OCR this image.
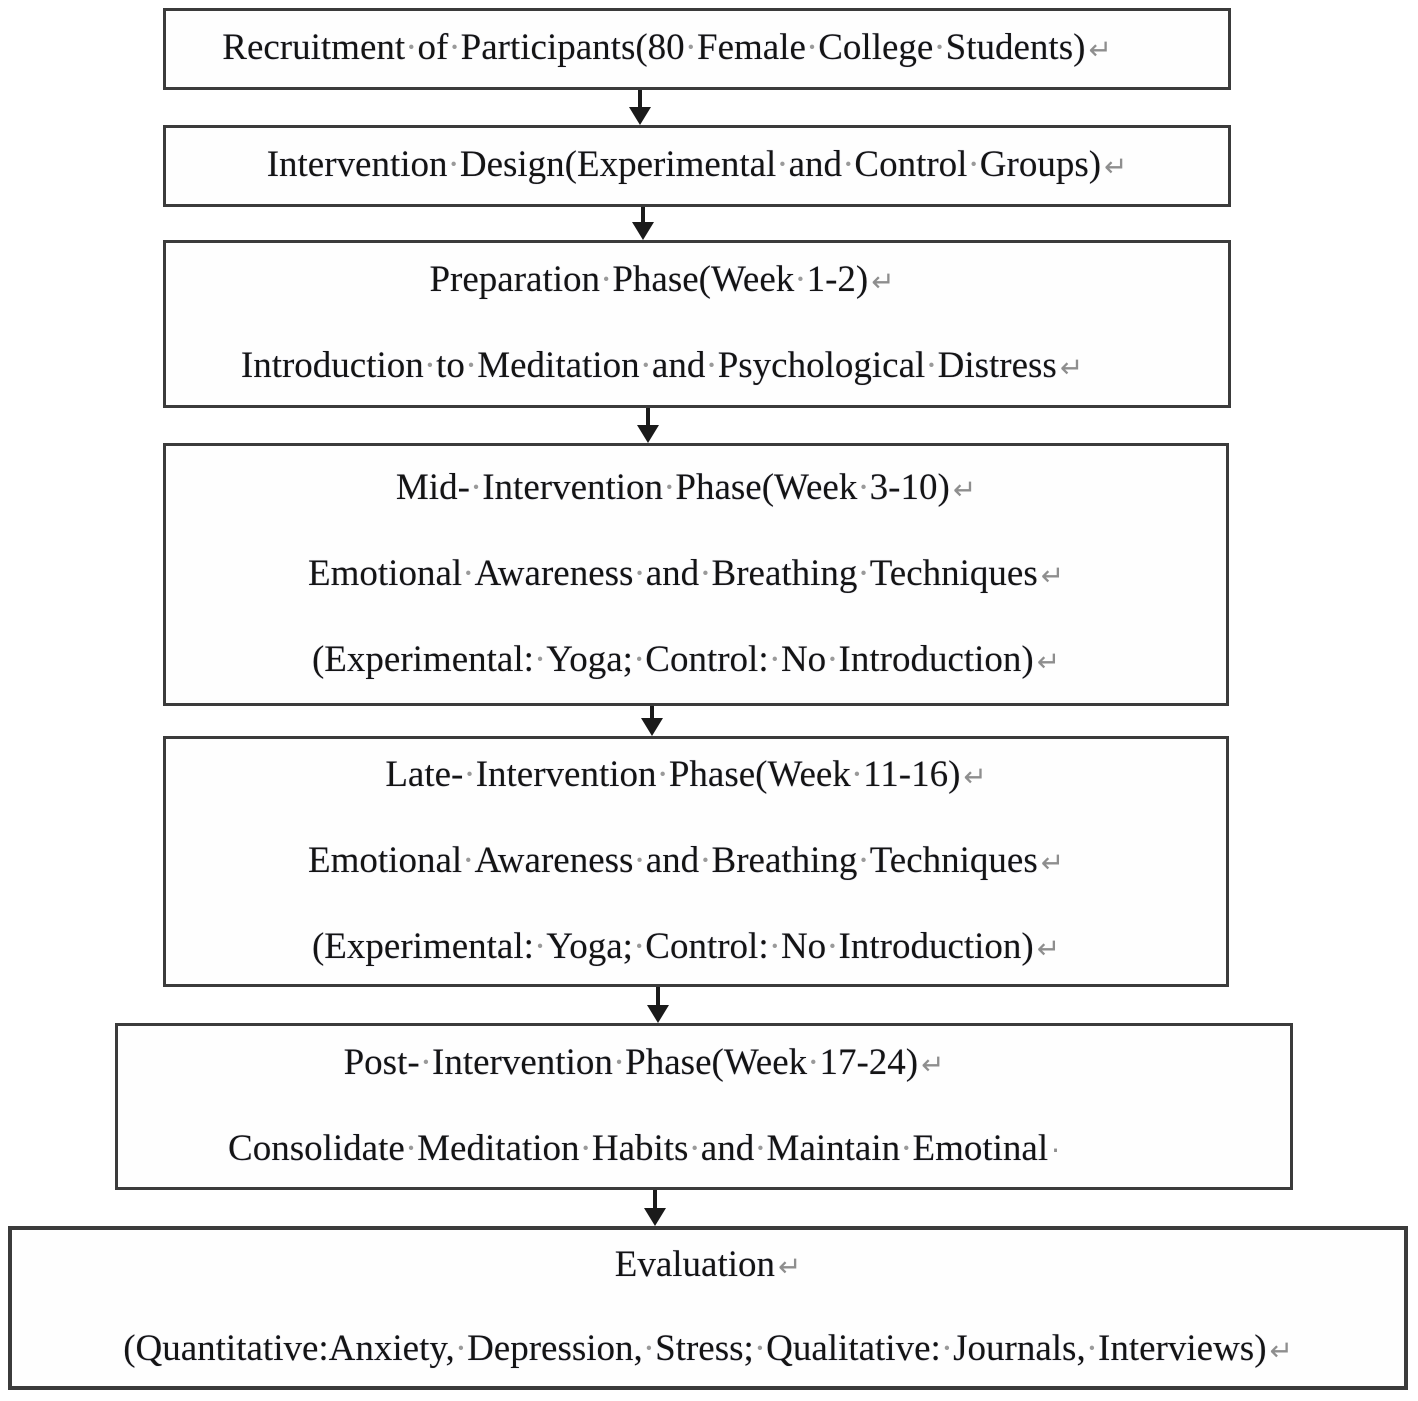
Recruitment·of·Participants(80·Female·College·Students) ↵
Intervention·Design(Experimental·and·Control·Groups) ↵
Preparation·Phase(Week·1-2) ↵
Introduction·to·Meditation·and·Psychological·Distress ↵
Mid-·Intervention·Phase(Week·3-10) ↵
Emotional·Awareness·and·Breathing·Techniques ↵
(Experimental:·Yoga;·Control:·No·Introduction) ↵
Late-·Intervention·Phase(Week·11-16) ↵
Emotional·Awareness·and·Breathing·Techniques ↵
(Experimental:·Yoga;·Control:·No·Introduction) ↵
Post-·Intervention·Phase(Week·17-24) ↵
Consolidate·Meditation·Habits·and·Maintain·Emotinal ·
Evaluation ↵
(Quantitative:Anxiety,·Depression,·Stress;·Qualitative:·Journals,·Interviews) ↵
